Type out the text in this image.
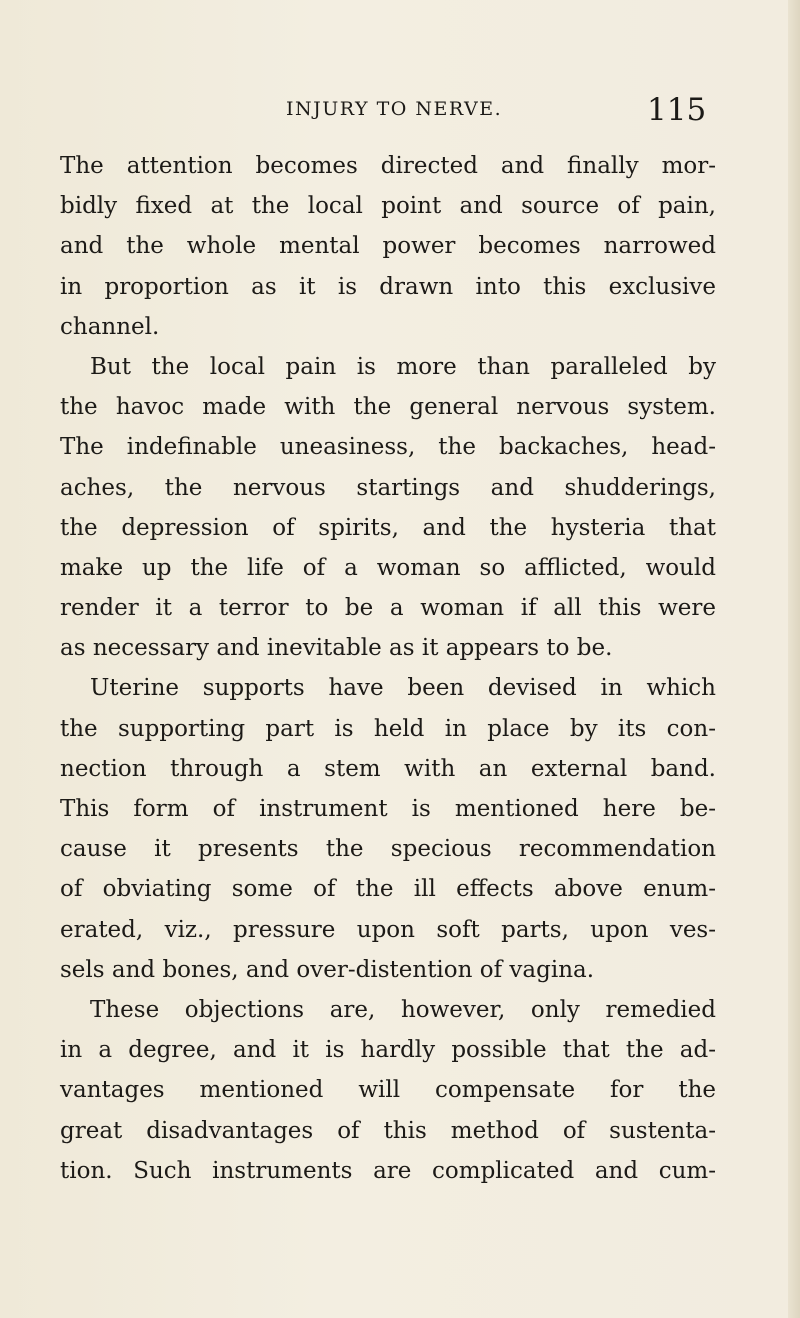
INJURY TO NERVE.	115
The attention becomes directed and finally mor-
bidly fixed at the local point and source of pain,
and the whole mental power becomes narrowed
in proportion as it is drawn into this exclusive
channel.
But the local pain is more than paralleled by
the havoc made with the general nervous system.
The indefinable uneasiness, the backaches, head-
aches, the nervous startings and shudderings,
the depression of spirits, and the hysteria that
make up the life of a woman so afflicted, would
render it a terror to be a woman if all this were
as necessary and inevitable as it appears to be.
Uterine supports have been devised in which
the supporting part is held in place by its con-
nection through a stem with an external band.
This form of instrument is mentioned here be-
cause it presents the specious recommendation
of obviating some of the ill effects above enum-
erated, viz., pressure upon soft parts, upon ves-
sels and bones, and over-distention of vagina.
These objections are, however, only remedied
in a degree, and it is hardly possible that the ad-
vantages mentioned will compensate for the
great disadvantages of this method of sustenta-
tion. Such instruments are complicated and cum-
